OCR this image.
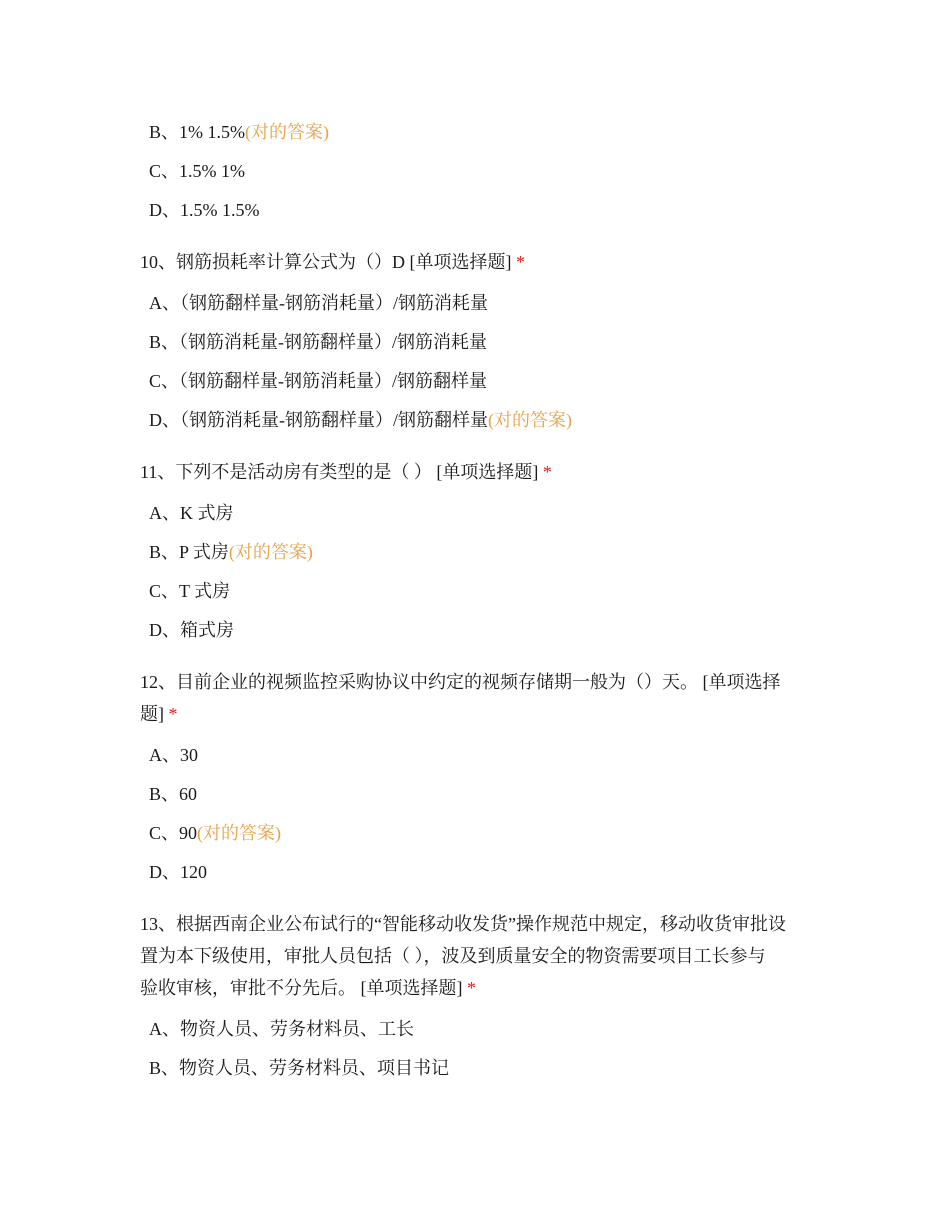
B、1% 1.5%(对的答案)
C、1.5% 1%
D、1.5% 1.5%
10、钢筋损耗率计算公式为（）D [单项选择题] *
A、（钢筋翻样量-钢筋消耗量）/钢筋消耗量
B、（钢筋消耗量-钢筋翻样量）/钢筋消耗量
C、（钢筋翻样量-钢筋消耗量）/钢筋翻样量
D、（钢筋消耗量-钢筋翻样量）/钢筋翻样量(对的答案)
11、下列不是活动房有类型的是（ ） [单项选择题] *
A、K 式房
B、P 式房(对的答案)
C、T 式房
D、箱式房
12、目前企业的视频监控采购协议中约定的视频存储期一般为（）天。 [单项选择
题] *
A、30
B、60
C、90(对的答案)
D、120
13、根据西南企业公布试行的“智能移动收发货”操作规范中规定，移动收货审批设
置为本下级使用，审批人员包括（ ），波及到质量安全的物资需要项目工长参与
验收审核，审批不分先后。 [单项选择题] *
A、物资人员、劳务材料员、工长
B、物资人员、劳务材料员、项目书记
